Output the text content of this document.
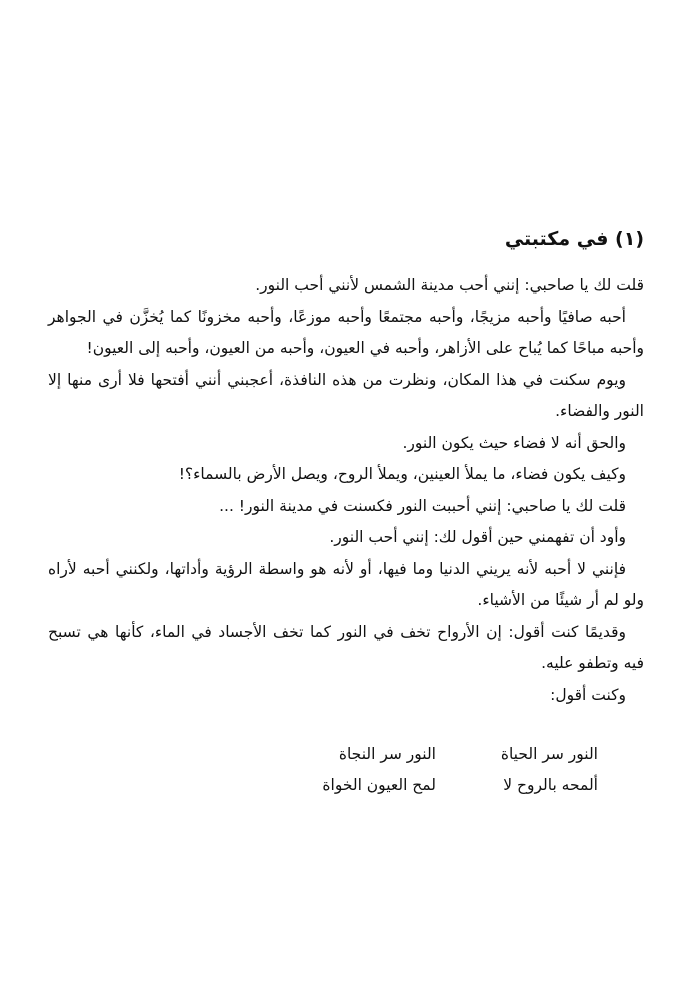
(١) في مكتبتي

قلت لك يا صاحبي: إنني أحب مدينة الشمس لأنني أحب النور.

أحبه صافيًا وأحبه مزيجًا، وأحبه مجتمعًا وأحبه موزعًا، وأحبه مخزونًا كما يُخزَّن في الجواهر وأحبه مباحًا كما يُباح على الأزاهر، وأحبه في العيون، وأحبه من العيون، وأحبه إلى العيون!

ويوم سكنت في هذا المكان، ونظرت من هذه النافذة، أعجبني أنني أفتحها فلا أرى منها إلا النور والفضاء.

والحق أنه لا فضاء حيث يكون النور.

وكيف يكون فضاء، ما يملأ العينين، ويملأ الروح، ويصل الأرض بالسماء؟!

قلت لك يا صاحبي: إنني أحببت النور فكسنت في مدينة النور! ...

وأود أن تفهمني حين أقول لك: إنني أحب النور.

فإنني لا أحبه لأنه يريني الدنيا وما فيها، أو لأنه هو واسطة الرؤية وأداتها، ولكنني أحبه لأراه ولو لم أر شيئًا من الأشياء.

وقديمًا كنت أقول: إن الأرواح تخف في النور كما تخف الأجساد في الماء، كأنها هي تسبح فيه وتطفو عليه.

وكنت أقول:

النور سر الحياة
النور سر النجاة
ألمحه بالروح لا
لمح العيون الخواة
